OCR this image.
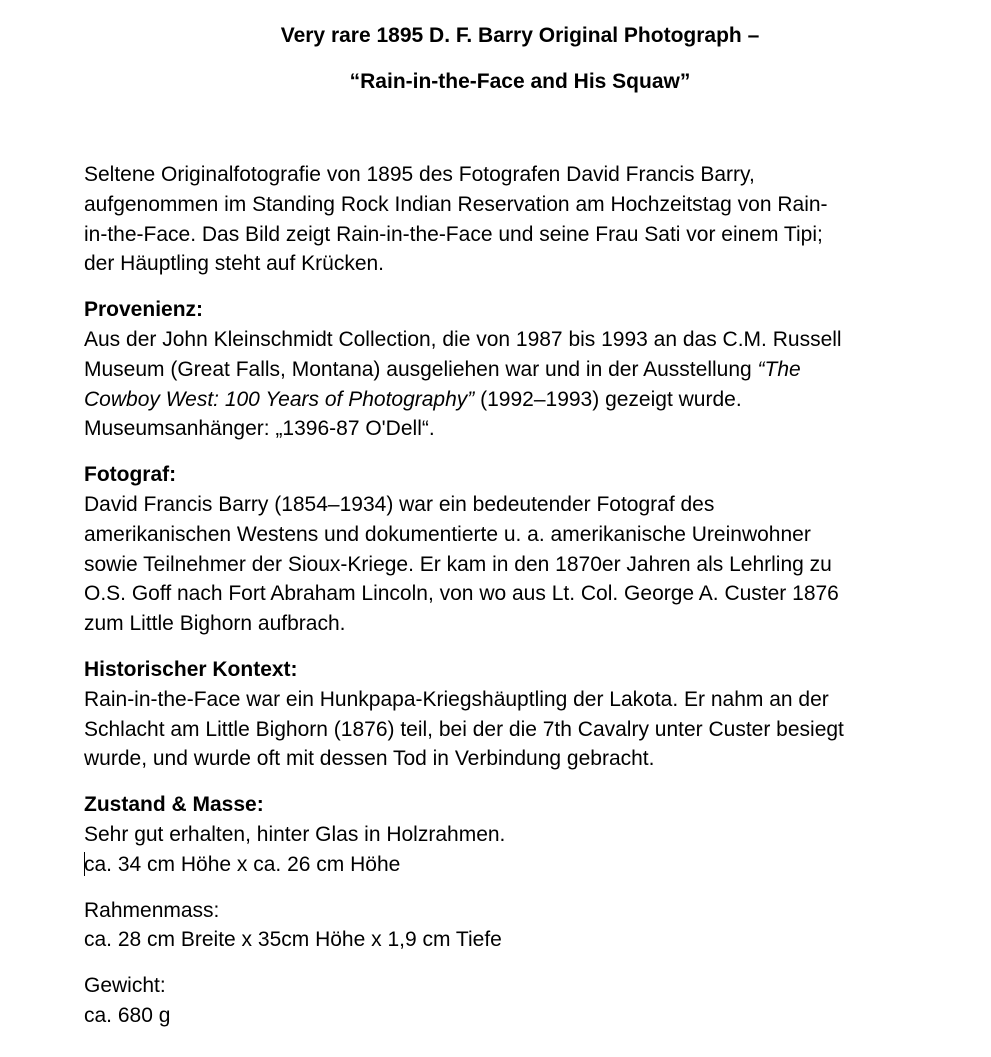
Very rare 1895 D. F. Barry Original Photograph –
“Rain-in-the-Face and His Squaw”
Seltene Originalfotografie von 1895 des Fotografen David Francis Barry,
aufgenommen im Standing Rock Indian Reservation am Hochzeitstag von Rain-
in-the-Face. Das Bild zeigt Rain-in-the-Face und seine Frau Sati vor einem Tipi;
der Häuptling steht auf Krücken.
Provenienz:
Aus der John Kleinschmidt Collection, die von 1987 bis 1993 an das C.M. Russell
Museum (Great Falls, Montana) ausgeliehen war und in der Ausstellung “The
Cowboy West: 100 Years of Photography” (1992–1993) gezeigt wurde.
Museumsanhänger: „1396-87 O'Dell“.
Fotograf:
David Francis Barry (1854–1934) war ein bedeutender Fotograf des
amerikanischen Westens und dokumentierte u. a. amerikanische Ureinwohner
sowie Teilnehmer der Sioux-Kriege. Er kam in den 1870er Jahren als Lehrling zu
O.S. Goff nach Fort Abraham Lincoln, von wo aus Lt. Col. George A. Custer 1876
zum Little Bighorn aufbrach.
Historischer Kontext:
Rain-in-the-Face war ein Hunkpapa-Kriegshäuptling der Lakota. Er nahm an der
Schlacht am Little Bighorn (1876) teil, bei der die 7th Cavalry unter Custer besiegt
wurde, und wurde oft mit dessen Tod in Verbindung gebracht.
Zustand & Masse:
Sehr gut erhalten, hinter Glas in Holzrahmen.
ca. 34 cm Höhe x ca. 26 cm Höhe
Rahmenmass:
ca. 28 cm Breite x 35cm Höhe x 1,9 cm Tiefe
Gewicht:
ca. 680 g
